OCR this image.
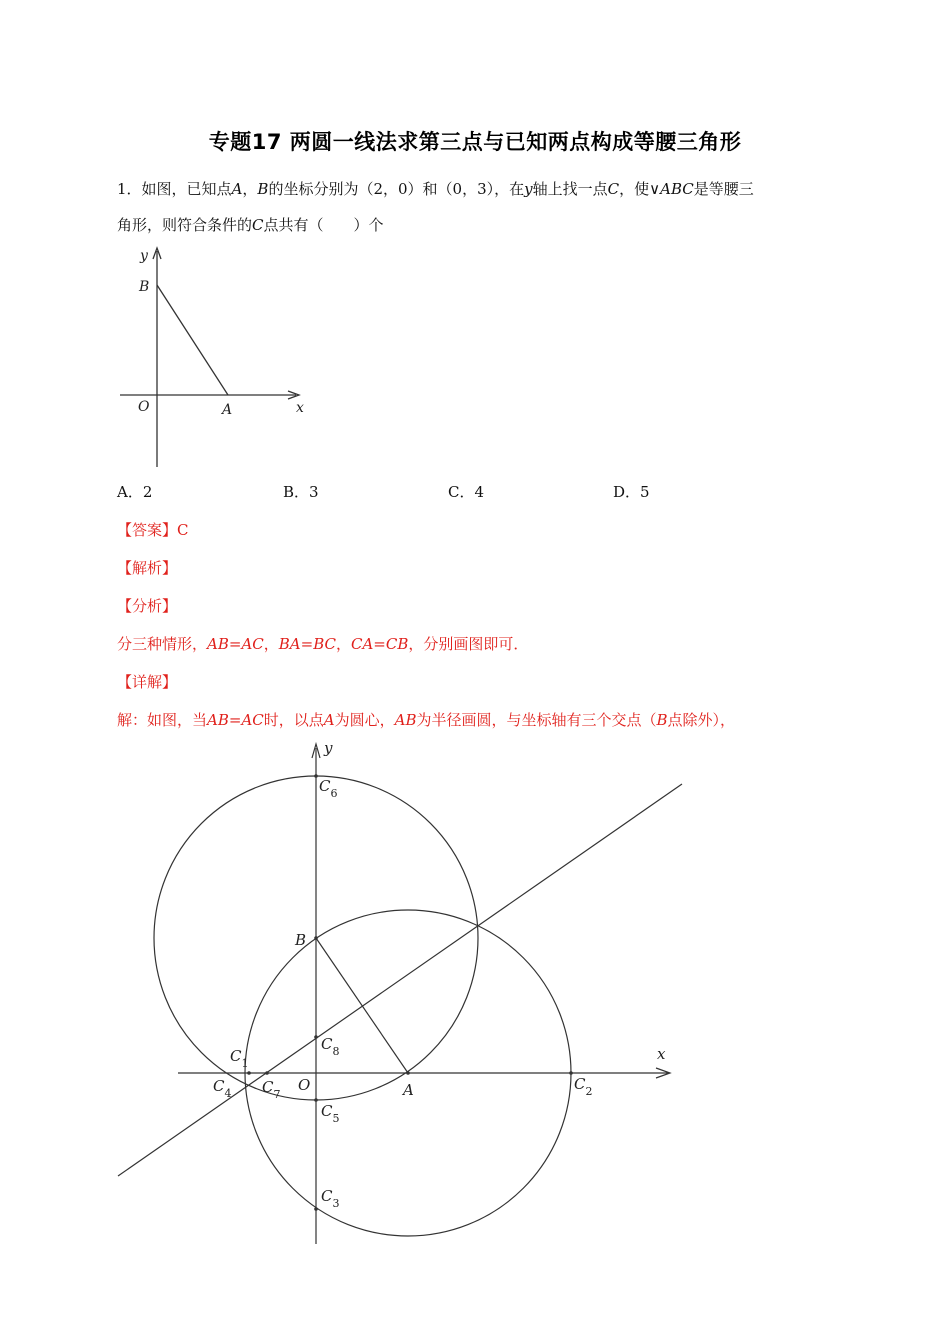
专题17 两圆一线法求第三点与已知两点构成等腰三角形
1．如图，已知点A，B的坐标分别为（2，0）和（0，3），在y轴上找一点C，使∨ABC是等腰三
角形，则符合条件的C点共有（　　）个
y
B
O	A	x
A．2	B．3	C．4	D．5
【答案】C
【解析】
【分析】
分三种情形，AB=AC，BA=BC，CA=CB，分别画图即可．
【详解】
解：如图，当AB=AC时，以点A为圆心，AB为半径画圆，与坐标轴有三个交点（B点除外），
y
x
B
O	A
$C_6$
$C_8$
$C_5$
$C_3$
$C_2$
$C_1$
$C_4$ $C_7$
